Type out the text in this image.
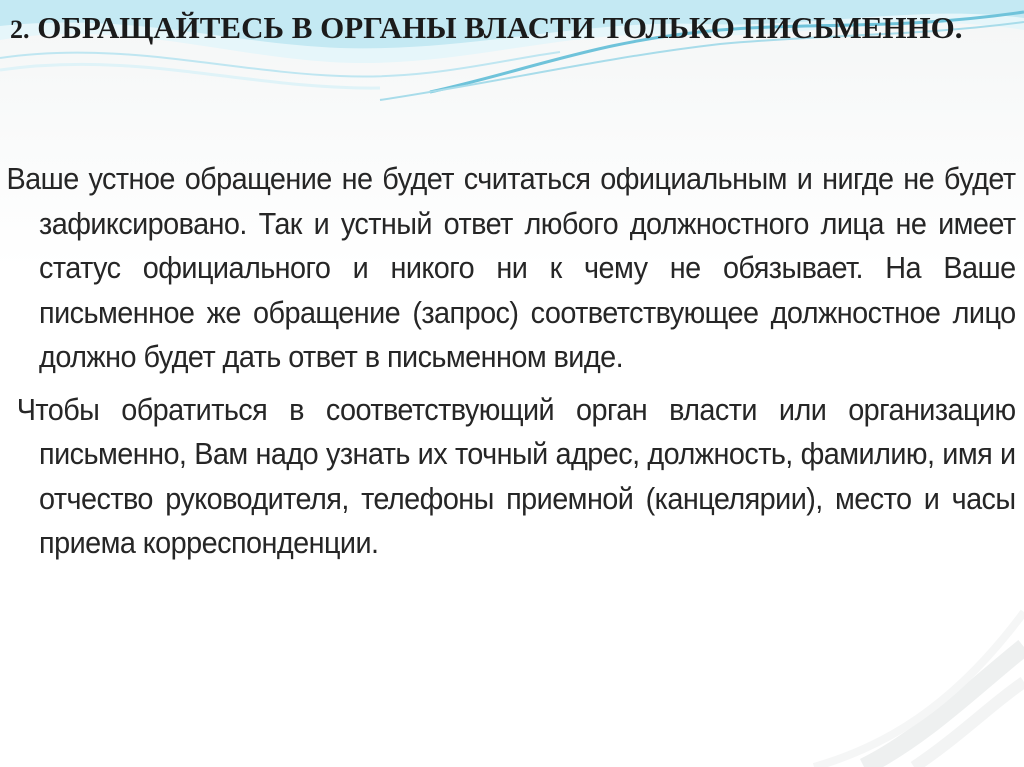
2. ОБРАЩАЙТЕСЬ В ОРГАНЫ ВЛАСТИ ТОЛЬКО ПИСЬМЕННО.

Ваше устное обращение не будет считаться официальным и нигде не будет зафиксировано. Так и устный ответ любого должностного лица не имеет статус официального и никого ни к чему не обязывает. На Ваше письменное же обращение (запрос) соответствующее должностное лицо должно будет дать ответ в письменном виде.

Чтобы обратиться в соответствующий орган власти или организацию письменно, Вам надо узнать их точный адрес, должность, фамилию, имя и отчество руководителя, телефоны приемной (канцелярии), место и часы приема корреспонденции.
